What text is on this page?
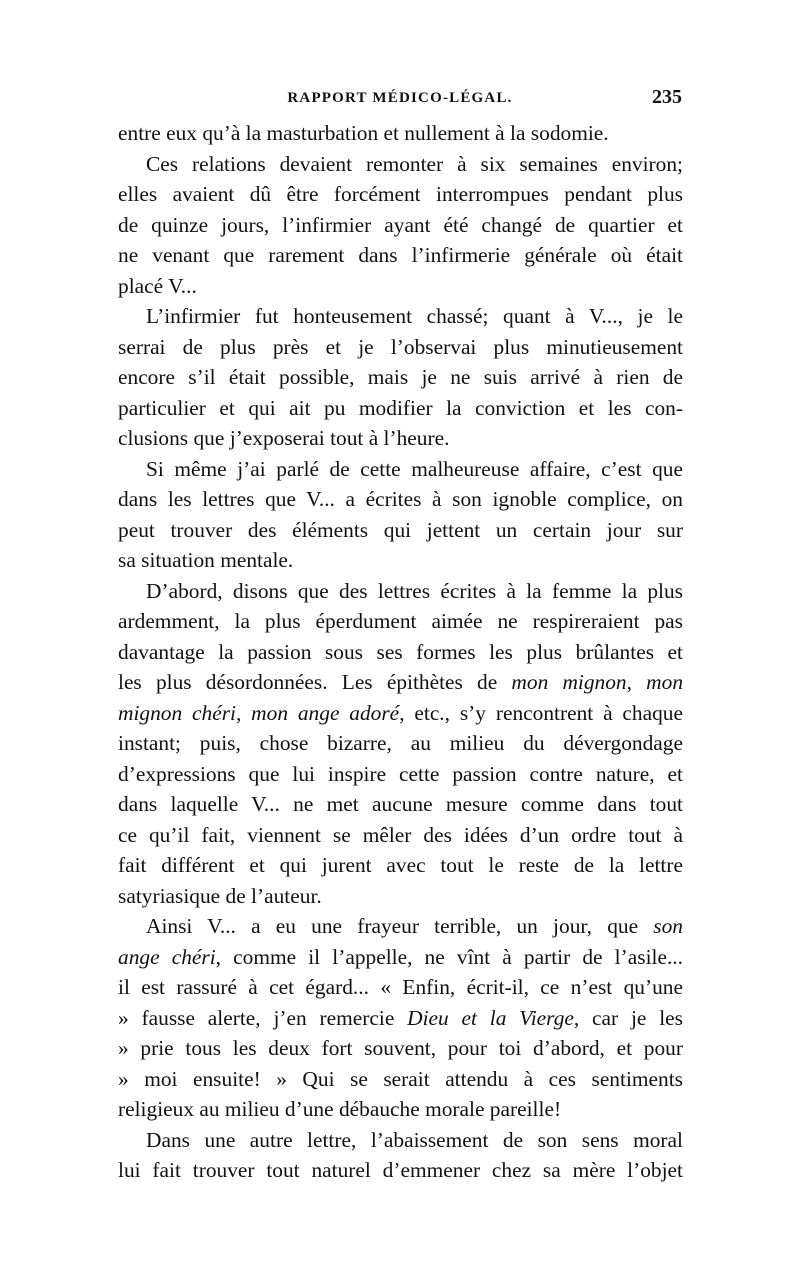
RAPPORT MÉDICO-LÉGAL.	235
entre eux qu’à la masturbation et nullement à la sodomie.
Ces relations devaient remonter à six semaines environ;
elles avaient dû être forcément interrompues pendant plus
de quinze jours, l’infirmier ayant été changé de quartier et
ne venant que rarement dans l’infirmerie générale où était
placé V...
L’infirmier fut honteusement chassé; quant à V..., je le
serrai de plus près et je l’observai plus minutieusement
encore s’il était possible, mais je ne suis arrivé à rien de
particulier et qui ait pu modifier la conviction et les con-
clusions que j’exposerai tout à l’heure.
Si même j’ai parlé de cette malheureuse affaire, c’est que
dans les lettres que V... a écrites à son ignoble complice, on
peut trouver des éléments qui jettent un certain jour sur
sa situation mentale.
D’abord, disons que des lettres écrites à la femme la plus
ardemment, la plus éperdument aimée ne respireraient pas
davantage la passion sous ses formes les plus brûlantes et
les plus désordonnées. Les épithètes de mon mignon, mon
mignon chéri, mon ange adoré, etc., s’y rencontrent à chaque
instant; puis, chose bizarre, au milieu du dévergondage
d’expressions que lui inspire cette passion contre nature, et
dans laquelle V... ne met aucune mesure comme dans tout
ce qu’il fait, viennent se mêler des idées d’un ordre tout à
fait différent et qui jurent avec tout le reste de la lettre
satyriasique de l’auteur.
Ainsi V... a eu une frayeur terrible, un jour, que son
ange chéri, comme il l’appelle, ne vînt à partir de l’asile...
il est rassuré à cet égard... « Enfin, écrit-il, ce n’est qu’une
» fausse alerte, j’en remercie Dieu et la Vierge, car je les
» prie tous les deux fort souvent, pour toi d’abord, et pour
» moi ensuite! » Qui se serait attendu à ces sentiments
religieux au milieu d’une débauche morale pareille!
Dans une autre lettre, l’abaissement de son sens moral
lui fait trouver tout naturel d’emmener chez sa mère l’objet
